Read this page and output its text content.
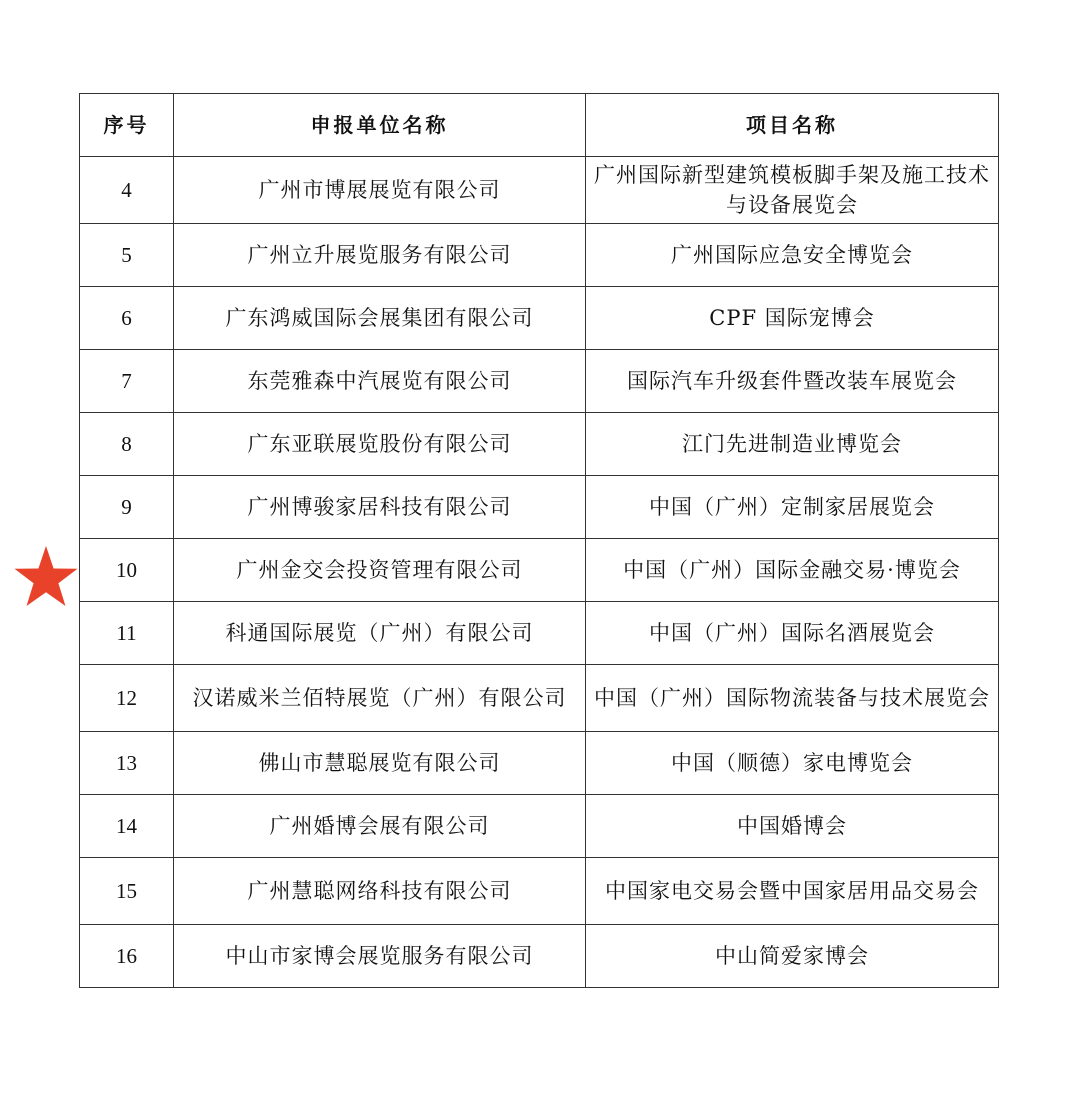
序号	申报单位名称	项目名称
4	广州市博展展览有限公司	广州国际新型建筑模板脚手架及施工技术与设备展览会
5	广州立升展览服务有限公司	广州国际应急安全博览会
6	广东鸿威国际会展集团有限公司	CPF 国际宠博会
7	东莞雅森中汽展览有限公司	国际汽车升级套件暨改装车展览会
8	广东亚联展览股份有限公司	江门先进制造业博览会
9	广州博骏家居科技有限公司	中国（广州）定制家居展览会
10	广州金交会投资管理有限公司	中国（广州）国际金融交易·博览会
11	科通国际展览（广州）有限公司	中国（广州）国际名酒展览会
12	汉诺威米兰佰特展览（广州）有限公司	中国（广州）国际物流装备与技术展览会
13	佛山市慧聪展览有限公司	中国（顺德）家电博览会
14	广州婚博会展有限公司	中国婚博会
15	广州慧聪网络科技有限公司	中国家电交易会暨中国家居用品交易会
16	中山市家博会展览服务有限公司	中山简爱家博会
